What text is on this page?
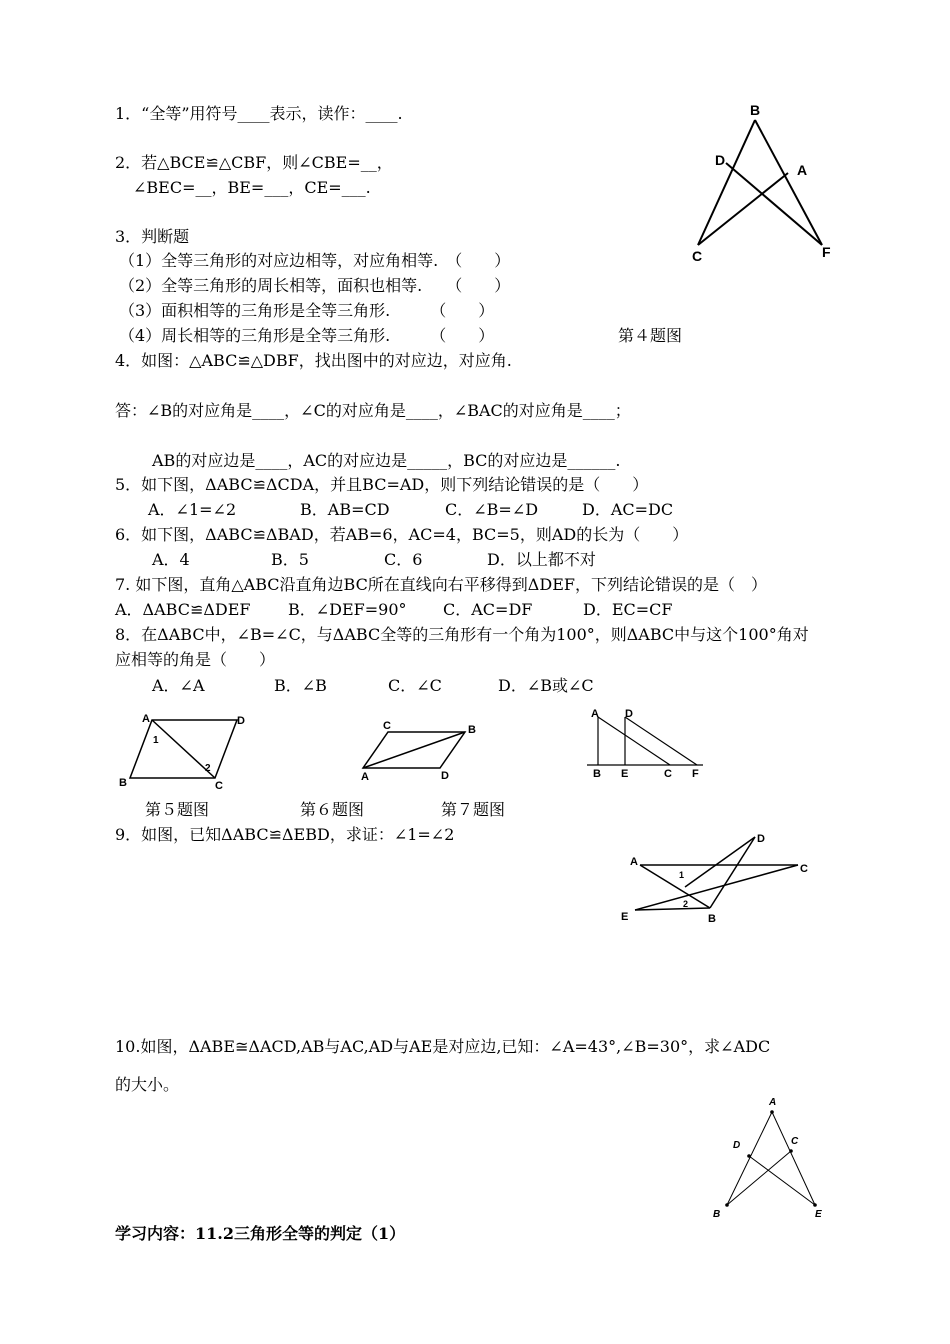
1．“全等”用符号____表示，读作：____.
2．若△BCE≌△CBF，则∠CBE=__，
∠BEC=__，BE=___，CE=___.
3．判断题
（1）全等三角形的对应边相等，对应角相等.　（　　）
（2）全等三角形的周长相等，面积也相等.　　（　　）
（3）面积相等的三角形是全等三角形.　　　（　　）
（4）周长相等的三角形是全等三角形.　　　（　　）	第４题图
4．如图：△ABC≌△DBF，找出图中的对应边，对应角.
答：∠B的对应角是____，∠C的对应角是____，∠BAC的对应角是____；
AB的对应边是____，AC的对应边是_____，BC的对应边是______.
5．如下图，ΔABC≌ΔCDA，并且BC=AD，则下列结论错误的是（　　）
A．∠1=∠2	B．AB=CD	C．∠B=∠D	D．AC=DC
6．如下图，ΔABC≌ΔBAD，若AB=6，AC=4，BC=5，则AD的长为（　　）
A．4	B．5	C．6	D．以上都不对
7. 如下图，直角△ABC沿直角边BC所在直线向右平移得到ΔDEF，下列结论错误的是（　）
A．ΔABC≌ΔDEF B．∠DEF=90° C．AC=DF	D．EC=CF
8．在ΔABC中，∠B=∠C，与ΔABC全等的三角形有一个角为100°，则ΔABC中与这个100°角对
应相等的角是（　　）
A．∠A	B．∠B	C．∠C	D．∠B或∠C
第５题图	第６题图	第７题图
9．如图，已知ΔABC≌ΔEBD，求证：∠1=∠2
10.如图，ΔABE≅ΔACD,AB与AC,AD与AE是对应边,已知：∠A=43°,∠B=30°，求∠ADC
的大小。
学习内容：11.2三角形全等的判定（1）
B
D
A
C	F
A	D
1
2
B	C
C	B
A	D
A D
B E	C F
D
A
1	C
E
2
B
A
D	C
B	E
